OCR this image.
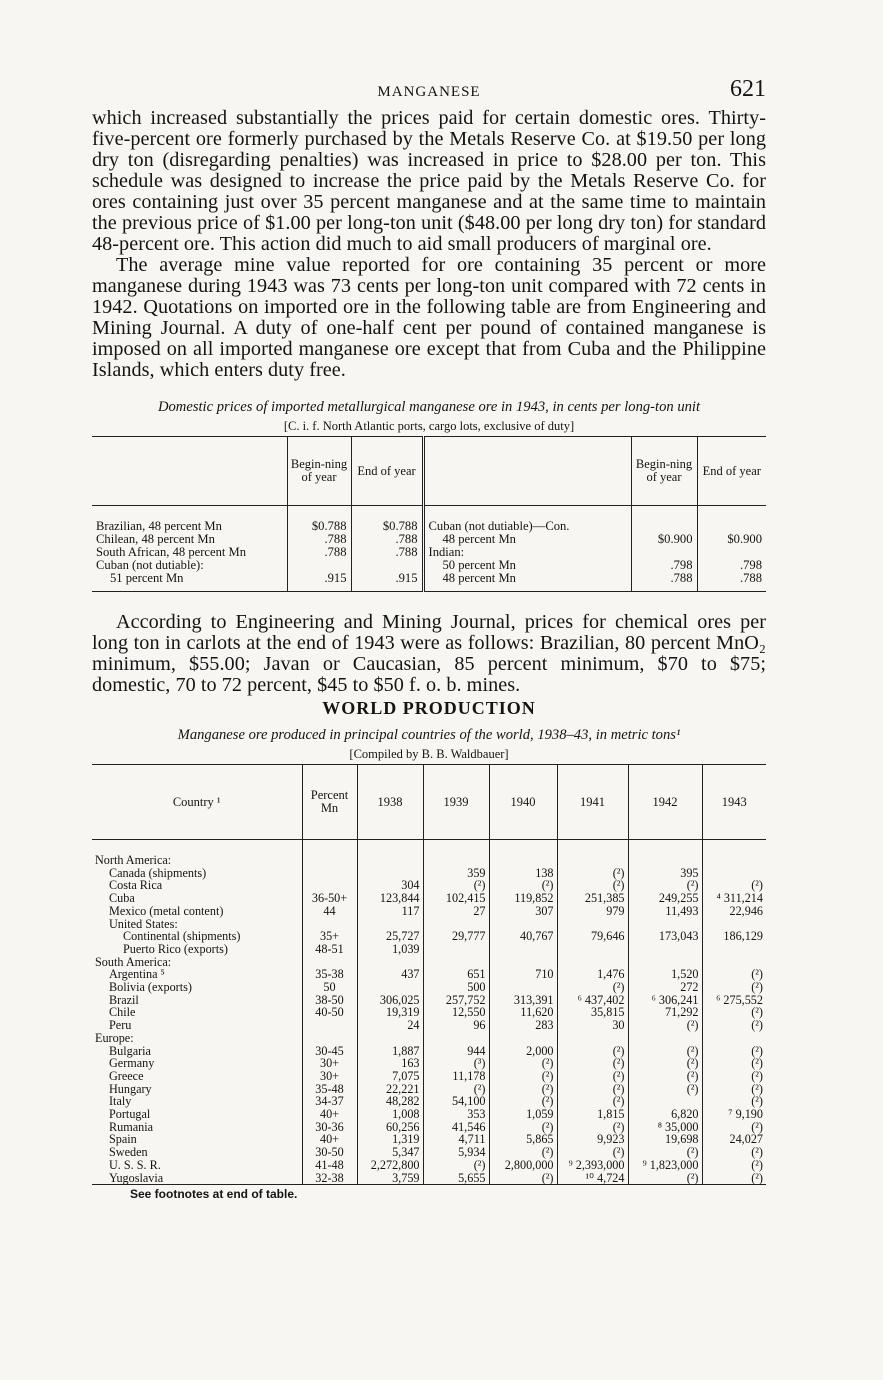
MANGANESE	621

which increased substantially the prices paid for certain domestic ores. Thirty-five-percent ore formerly purchased by the Metals Reserve Co. at $19.50 per long dry ton (disregarding penalties) was increased in price to $28.00 per ton. This schedule was designed to increase the price paid by the Metals Reserve Co. for ores containing just over 35 percent manganese and at the same time to maintain the previous price of $1.00 per long-ton unit ($48.00 per long dry ton) for standard 48-percent ore. This action did much to aid small producers of marginal ore.

The average mine value reported for ore containing 35 percent or more manganese during 1943 was 73 cents per long-ton unit compared with 72 cents in 1942. Quotations on imported ore in the following table are from Engineering and Mining Journal. A duty of one-half cent per pound of contained manganese is imposed on all imported manganese ore except that from Cuba and the Philippine Islands, which enters duty free.

Domestic prices of imported metallurgical manganese ore in 1943, in cents per long-ton unit
[C. i. f. North Atlantic ports, cargo lots, exclusive of duty]
	Begin-ning of year	End of year		Begin-ning of year	End of year
Brazilian, 48 percent Mn	$0.788	$0.788	Cuban (not dutiable)—Con.		
Chilean, 48 percent Mn	.788	.788	48 percent Mn	$0.900	$0.900
South African, 48 percent Mn	.788	.788	Indian:		
Cuban (not dutiable):			50 percent Mn	.798	.798
51 percent Mn	.915	.915	48 percent Mn	.788	.788

According to Engineering and Mining Journal, prices for chemical ores per long ton in carlots at the end of 1943 were as follows: Brazilian, 80 percent MnO₂ minimum, $55.00; Javan or Caucasian, 85 percent minimum, $70 to $75; domestic, 70 to 72 percent, $45 to $50 f. o. b. mines.

WORLD PRODUCTION
Manganese ore produced in principal countries of the world, 1938–43, in metric tons¹
[Compiled by B. B. Waldbauer]
Country ¹	Percent Mn	1938	1939	1940	1941	1942	1943
North America:							
Canada (shipments)			359	138	(²)	395	
Costa Rica		304	(²)	(²)	(²)	(²)	(²)
Cuba	36-50+	123,844	102,415	119,852	251,385	249,255	⁴ 311,214
Mexico (metal content)	44	117	27	307	979	11,493	22,946
United States:							
Continental (shipments)	35+	25,727	29,777	40,767	79,646	173,043	186,129
Puerto Rico (exports)	48-51	1,039					
South America:							
Argentina ⁵	35-38	437	651	710	1,476	1,520	(²)
Bolivia (exports)	50		500		(²)	272	(²)
Brazil	38-50	306,025	257,752	313,391	⁶ 437,402	⁶ 306,241	⁶ 275,552
Chile	40-50	19,319	12,550	11,620	35,815	71,292	(²)
Peru		24	96	283	30	(²)	(²)
Europe:							
Bulgaria	30-45	1,887	944	2,000	(²)	(²)	(²)
Germany	30+	163	(³)	(²)	(²)	(²)	(²)
Greece	30+	7,075	11,178	(²)	(²)	(²)	(²)
Hungary	35-48	22,221	(²)	(²)	(²)	(²)	(²)
Italy	34-37	48,282	54,100	(²)	(²)		(²)
Portugal	40+	1,008	353	1,059	1,815	6,820	⁷ 9,190
Rumania	30-36	60,256	41,546	(²)	(²)	⁸ 35,000	(²)
Spain	40+	1,319	4,711	5,865	9,923	19,698	24,027
Sweden	30-50	5,347	5,934	(²)	(²)	(²)	(²)
U. S. S. R.	41-48	2,272,800	(²)	2,800,000	⁹ 2,393,000	⁹ 1,823,000	(²)
Yugoslavia	32-38	3,759	5,655	(²)	¹⁰ 4,724	(²)	(²)
See footnotes at end of table.
